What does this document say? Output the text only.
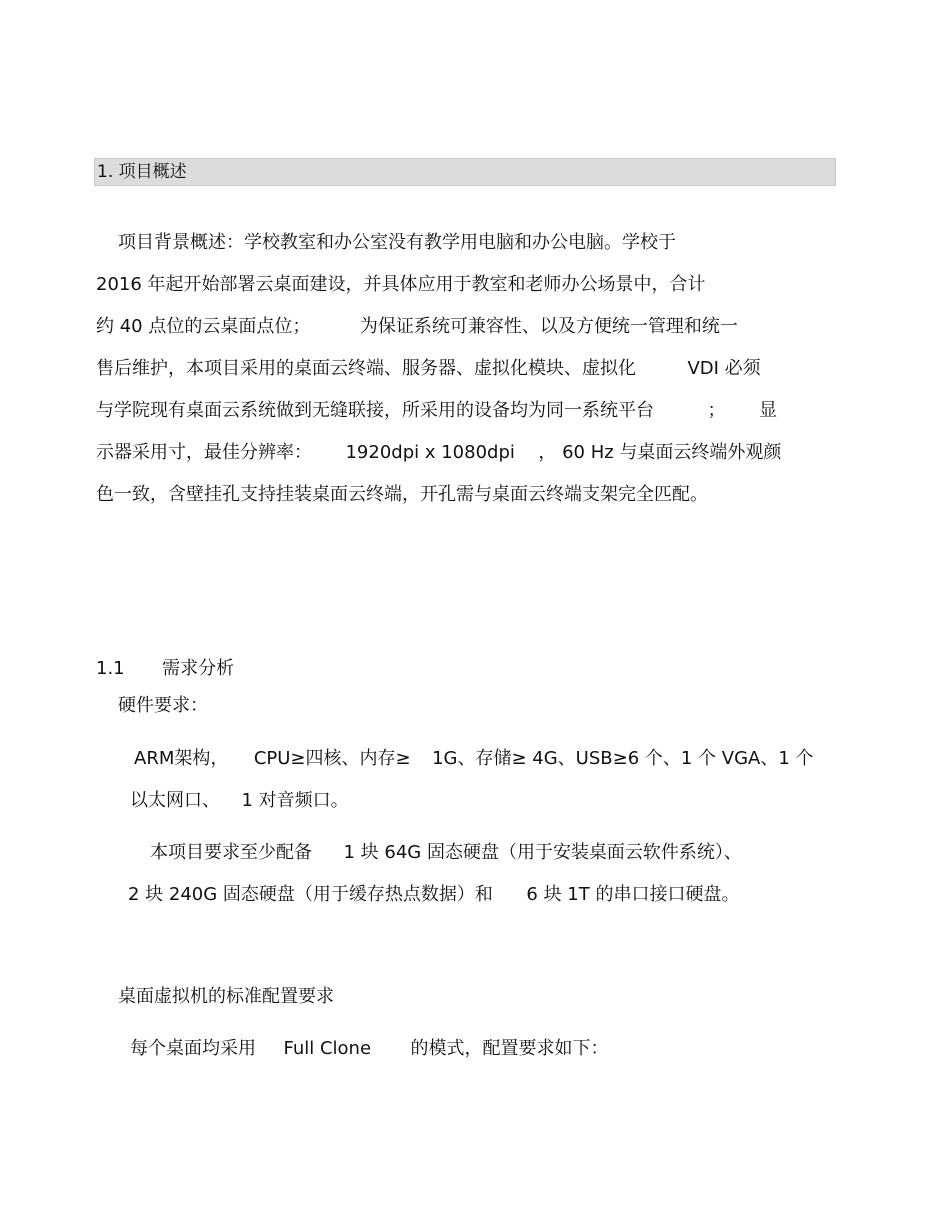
1. 项目概述
项目背景概述：学校教室和办公室没有教学用电脑和办公电脑。学校于
2016 年起开始部署云桌面建设，并具体应用于教室和老师办公场景中，合计
约 40 点位的云桌面点位；	为保证系统可兼容性、以及方便统一管理和统一
售后维护，本项目采用的桌面云终端、服务器、虚拟化模块、虚拟化	VDI 必须
与学院现有桌面云系统做到无缝联接，所采用的设备均为同一系统平台	； 显
示器采用寸，最佳分辨率： 1920dpi x 1080dpi ， 60 Hz 与桌面云终端外观颜
色一致，含壁挂孔支持挂装桌面云终端，开孔需与桌面云终端支架完全匹配。
1.1 需求分析
硬件要求：
ARM架构， CPU≥四核、内存≥ 1G、存储≥ 4G、USB≥6 个、1 个 VGA、1 个
以太网口、 1 对音频口。
本项目要求至少配备 1 块 64G 固态硬盘（用于安装桌面云软件系统）、
2 块 240G 固态硬盘（用于缓存热点数据）和 6 块 1T 的串口接口硬盘。
桌面虚拟机的标准配置要求
每个桌面均采用 Full Clone 的模式，配置要求如下：
